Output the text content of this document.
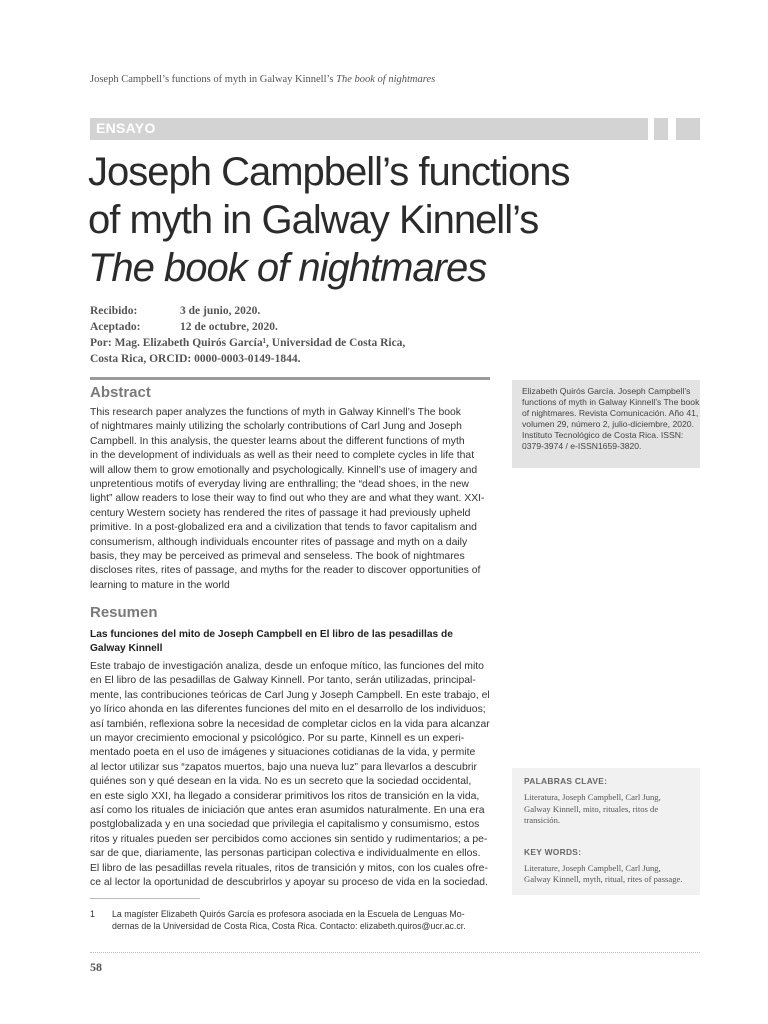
Joseph Campbell’s functions of myth in Galway Kinnell’s The book of nightmares
ENSAYO
Joseph Campbell’s functions
of myth in Galway Kinnell’s
The book of nightmares
Recibido:	3 de junio, 2020.
Aceptado:	12 de octubre, 2020.
Por: Mag. Elizabeth Quirós García¹, Universidad de Costa Rica,
Costa Rica, ORCID: 0000-0003-0149-1844.
Abstract
This research paper analyzes the functions of myth in Galway Kinnell’s The book
of nightmares mainly utilizing the scholarly contributions of Carl Jung and Joseph
Campbell. In this analysis, the quester learns about the different functions of myth
in the development of individuals as well as their need to complete cycles in life that
will allow them to grow emotionally and psychologically. Kinnell’s use of imagery and
unpretentious motifs of everyday living are enthralling; the “dead shoes, in the new
light” allow readers to lose their way to find out who they are and what they want. XXI-
century Western society has rendered the rites of passage it had previously upheld
primitive. In a post-globalized era and a civilization that tends to favor capitalism and
consumerism, although individuals encounter rites of passage and myth on a daily
basis, they may be perceived as primeval and senseless. The book of nightmares
discloses rites, rites of passage, and myths for the reader to discover opportunities of
learning to mature in the world
Resumen
Las funciones del mito de Joseph Campbell en El libro de las pesadillas de
Galway Kinnell
Este trabajo de investigación analiza, desde un enfoque mítico, las funciones del mito
en El libro de las pesadillas de Galway Kinnell. Por tanto, serán utilizadas, principal-
mente, las contribuciones teóricas de Carl Jung y Joseph Campbell. En este trabajo, el
yo lírico ahonda en las diferentes funciones del mito en el desarrollo de los individuos;
así también, reflexiona sobre la necesidad de completar ciclos en la vida para alcanzar
un mayor crecimiento emocional y psicológico. Por su parte, Kinnell es un experi-
mentado poeta en el uso de imágenes y situaciones cotidianas de la vida, y permite
al lector utilizar sus “zapatos muertos, bajo una nueva luz” para llevarlos a descubrir
quiénes son y qué desean en la vida. No es un secreto que la sociedad occidental,
en este siglo XXI, ha llegado a considerar primitivos los ritos de transición en la vida,
así como los rituales de iniciación que antes eran asumidos naturalmente. En una era
postglobalizada y en una sociedad que privilegia el capitalismo y consumismo, estos
ritos y rituales pueden ser percibidos como acciones sin sentido y rudimentarios; a pe-
sar de que, diariamente, las personas participan colectiva e individualmente en ellos.
El libro de las pesadillas revela rituales, ritos de transición y mitos, con los cuales ofre-
ce al lector la oportunidad de descubrirlos y apoyar su proceso de vida en la sociedad.
Elizabeth Quirós García. Joseph Campbell’s
functions of myth in Galway Kinnell’s The book
of nightmares. Revista Comunicación. Año 41,
volumen 29, número 2, julio-diciembre, 2020.
Instituto Tecnológico de Costa Rica. ISSN:
0379-3974 / e-ISSN1659-3820.
PALABRAS CLAVE:
Literatura, Joseph Campbell, Carl Jung,
Galway Kinnell, mito, rituales, ritos de
transición.
KEY WORDS:
Literature, Joseph Campbell, Carl Jung,
Galway Kinnell, myth, ritual, rites of passage.
1 La magíster Elizabeth Quirós García es profesora asociada en la Escuela de Lenguas Mo-
dernas de la Universidad de Costa Rica, Costa Rica. Contacto: elizabeth.quiros@ucr.ac.cr.
58
